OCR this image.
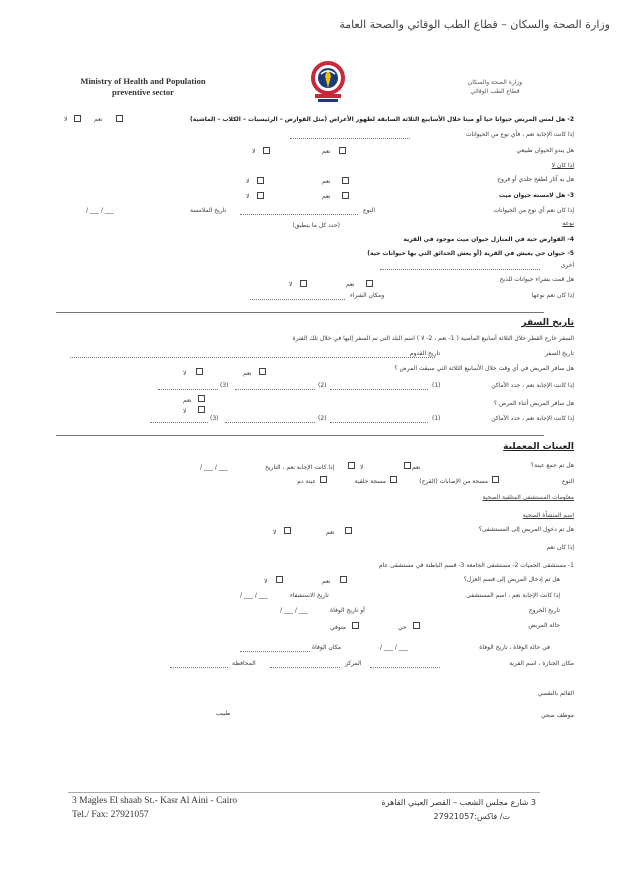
وزارة الصحة والسكان – قطاع الطب الوقائي والصحة العامة
Ministry of Health and Population
preventive sector
وزارة الصحة والسكان
قطاع الطب الوقائي
2- هل لمس المريض حيوانا حيا أو ميتا خلال الأسابيع الثلاثة السابقة لظهور الأعراض (مثل القوارض – الرئيسيات – الكلاب – الماشية)
نعم
لا
إذا كانت الإجابة نعم ، فأي نوع من الحيوانات
هل يبدو الحيوان طبيعي
نعم
لا
إذا كان لا
هل به آثار لطفح جلدي أو قروح
نعم
لا
3- هل لامسته حيوان ميت
نعم
لا
إذا كان نعم أي نوع من الحيوانات
النوع
تاريخ الملامسة
/ ___ / ___
نوعه
(حدد كل ما ينطبق)
4- القوارض حية في المنازل حيوان ميت موجود في القرية
5- حيوان حي يعيش في القرية (أو يعش الحدائق التي بها حيوانات حية)
أخرى
هل قمت بشراء حيوانات للذبح
نعم
لا
إذا كان نعم نوعها
ومكان الشراء
تاريخ السفر
السفر خارج القطر خلال الثلاثة أسابيع الماضية ( 1- نعم ، 2- لا ) اسم البلد التي تم السفر إليها في خلال تلك الفترة
تاريخ السفر
تاريخ القدوم
هل سافر المريض في أي وقت خلال الأسابيع الثلاثة التي سبقت المرض ؟
نعم
لا
إذا كانت الإجابة نعم ، حدد الأماكن
(1)
(2)
(3)
هل سافر المريض أثناء المرض ؟
نعم
لا
إذا كانت الإجابة نعم ، حدد الأماكن
(1)
(2)
(3)
العينات المعملية
هل تم جمع عينة؟
نعم
لا
إذا كانت الإجابة نعم ، التاريخ
/ ___ / ___
النوع
مسحة من الإصابات (القرح)
مسحة حلقية
عينة دم
معلومات المستشفى المتلقية الصحية
اسم المنشأة الصحية
هل تم دخول المريض إلى المستشفى؟
نعم
لا
إذا كان نعم
1- مستشفى الحميات 2- مستشفى الجامعة 3- قسم الباطنة في مستشفى عام
هل تم إدخال المريض إلى قسم العزل؟
نعم
لا
إذا كانت الإجابة نعم ، اسم المستشفى
تاريخ الاستشفاء
/ ___ / ___
تاريخ الخروج
أو تاريخ الوفاة
/ ___ / ___
حالة المريض
حي
متوفي
في حالة الوفاة ، تاريخ الوفاة
/ ___ / ___
مكان الوفاة
مكان الجنازة ، اسم القرية
المركز
المحافظة
القائم بالتقصي
موظف صحي
طبيب
3 Magles El shaab St.- Kasr Al Aini - Cairo
Tel./ Fax: 27921057
3 شارع مجلس الشعب – القصر العيني القاهرة
ت/ فاكس:27921057
